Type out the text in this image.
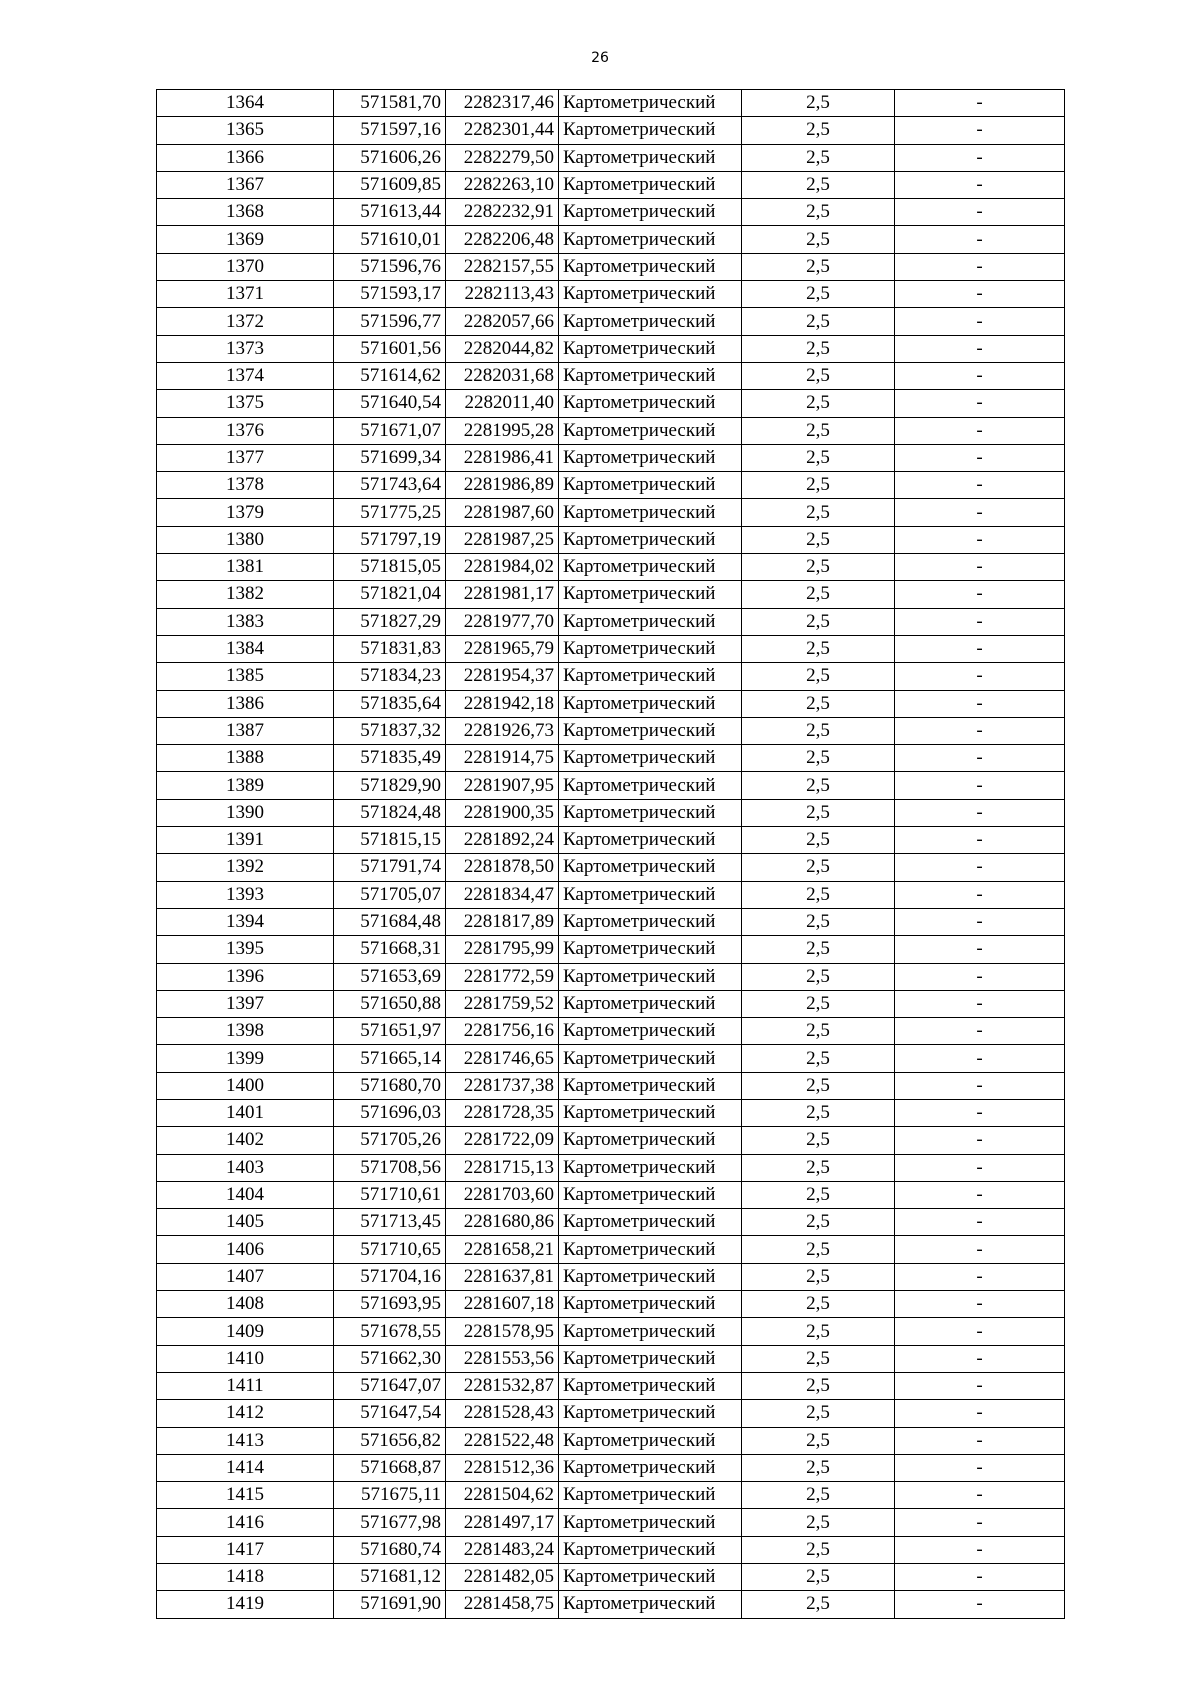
26
1364	571581,70	2282317,46	Картометрический	2,5	-
1365	571597,16	2282301,44	Картометрический	2,5	-
1366	571606,26	2282279,50	Картометрический	2,5	-
1367	571609,85	2282263,10	Картометрический	2,5	-
1368	571613,44	2282232,91	Картометрический	2,5	-
1369	571610,01	2282206,48	Картометрический	2,5	-
1370	571596,76	2282157,55	Картометрический	2,5	-
1371	571593,17	2282113,43	Картометрический	2,5	-
1372	571596,77	2282057,66	Картометрический	2,5	-
1373	571601,56	2282044,82	Картометрический	2,5	-
1374	571614,62	2282031,68	Картометрический	2,5	-
1375	571640,54	2282011,40	Картометрический	2,5	-
1376	571671,07	2281995,28	Картометрический	2,5	-
1377	571699,34	2281986,41	Картометрический	2,5	-
1378	571743,64	2281986,89	Картометрический	2,5	-
1379	571775,25	2281987,60	Картометрический	2,5	-
1380	571797,19	2281987,25	Картометрический	2,5	-
1381	571815,05	2281984,02	Картометрический	2,5	-
1382	571821,04	2281981,17	Картометрический	2,5	-
1383	571827,29	2281977,70	Картометрический	2,5	-
1384	571831,83	2281965,79	Картометрический	2,5	-
1385	571834,23	2281954,37	Картометрический	2,5	-
1386	571835,64	2281942,18	Картометрический	2,5	-
1387	571837,32	2281926,73	Картометрический	2,5	-
1388	571835,49	2281914,75	Картометрический	2,5	-
1389	571829,90	2281907,95	Картометрический	2,5	-
1390	571824,48	2281900,35	Картометрический	2,5	-
1391	571815,15	2281892,24	Картометрический	2,5	-
1392	571791,74	2281878,50	Картометрический	2,5	-
1393	571705,07	2281834,47	Картометрический	2,5	-
1394	571684,48	2281817,89	Картометрический	2,5	-
1395	571668,31	2281795,99	Картометрический	2,5	-
1396	571653,69	2281772,59	Картометрический	2,5	-
1397	571650,88	2281759,52	Картометрический	2,5	-
1398	571651,97	2281756,16	Картометрический	2,5	-
1399	571665,14	2281746,65	Картометрический	2,5	-
1400	571680,70	2281737,38	Картометрический	2,5	-
1401	571696,03	2281728,35	Картометрический	2,5	-
1402	571705,26	2281722,09	Картометрический	2,5	-
1403	571708,56	2281715,13	Картометрический	2,5	-
1404	571710,61	2281703,60	Картометрический	2,5	-
1405	571713,45	2281680,86	Картометрический	2,5	-
1406	571710,65	2281658,21	Картометрический	2,5	-
1407	571704,16	2281637,81	Картометрический	2,5	-
1408	571693,95	2281607,18	Картометрический	2,5	-
1409	571678,55	2281578,95	Картометрический	2,5	-
1410	571662,30	2281553,56	Картометрический	2,5	-
1411	571647,07	2281532,87	Картометрический	2,5	-
1412	571647,54	2281528,43	Картометрический	2,5	-
1413	571656,82	2281522,48	Картометрический	2,5	-
1414	571668,87	2281512,36	Картометрический	2,5	-
1415	571675,11	2281504,62	Картометрический	2,5	-
1416	571677,98	2281497,17	Картометрический	2,5	-
1417	571680,74	2281483,24	Картометрический	2,5	-
1418	571681,12	2281482,05	Картометрический	2,5	-
1419	571691,90	2281458,75	Картометрический	2,5	-
